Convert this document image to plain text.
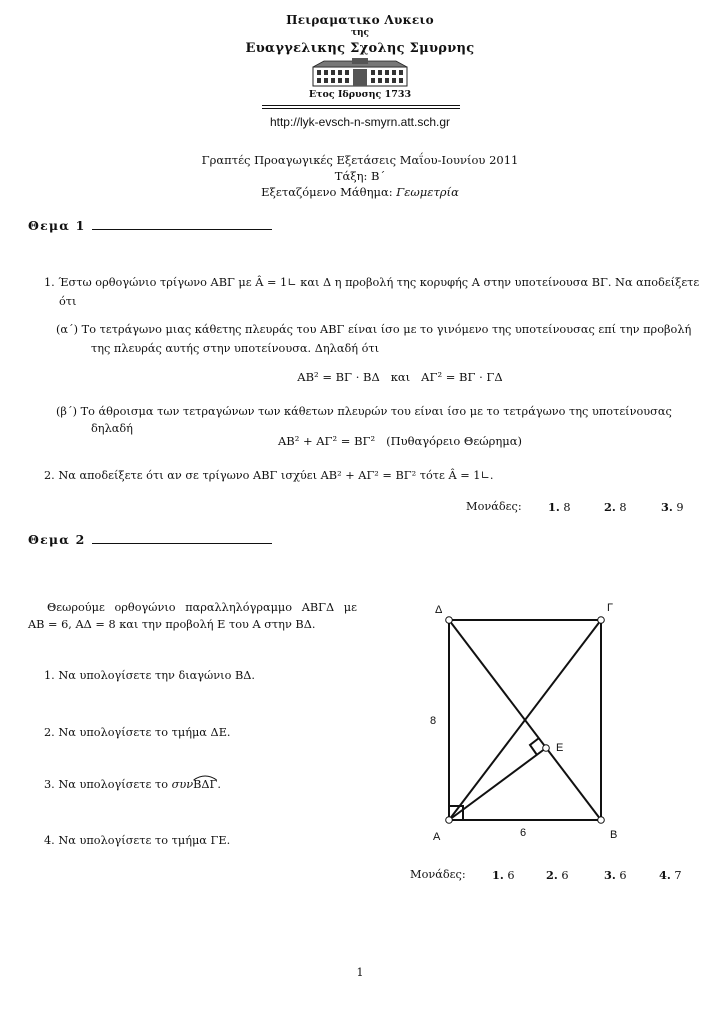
Πειραματικο Λυκειο
της
Ευαγγελικης Σχολης Σμυρνης
Ετος Ιδρυσης 1733
http://lyk-evsch-n-smyrn.att.sch.gr
Γραπτές Προαγωγικές Εξετάσεις Μαΐου-Ιουνίου 2011
Τάξη: Β΄
Εξεταζόμενο Μάθημα: Γεωμετρία
Θεμα 1
1. Έστω ορθογώνιο τρίγωνο ΑΒΓ με Â = 1∟ και Δ η προβολή της κορυφής Α στην υποτείνουσα ΒΓ. Να αποδείξετε
ότι
(α΄) Το τετράγωνο μιας κάθετης πλευράς του ΑΒΓ είναι ίσο με το γινόμενο της υποτείνουσας επί την προβολή
της πλευράς αυτής στην υποτείνουσα. Δηλαδή ότι
ΑΒ² = ΒΓ · ΒΔ   και   ΑΓ² = ΒΓ · ΓΔ
(β΄) Το άθροισμα των τετραγώνων των κάθετων πλευρών του είναι ίσο με το τετράγωνο της υποτείνουσας
δηλαδή
ΑΒ² + ΑΓ² = ΒΓ²   (Πυθαγόρειο Θεώρημα)
2. Να αποδείξετε ότι αν σε τρίγωνο ΑΒΓ ισχύει ΑΒ² + ΑΓ² = ΒΓ² τότε Â = 1∟.
Μονάδες: 1. 8	2. 8	3. 9
Θεμα 2
Θεωρούμε ορθογώνιο παραλληλόγραμμο ΑΒΓΔ με
ΑΒ = 6, ΑΔ = 8 και την προβολή Ε του Α στην ΒΔ.
1. Να υπολογίσετε την διαγώνιο ΒΔ.
2. Να υπολογίσετε το τμήμα ΔΕ.
3. Να υπολογίσετε το συν
ΒΔΓ.
4. Να υπολογίσετε το τμήμα ΓΕ.	Α	Β
Γ
Δ
Ε
6
8
Μονάδες: 1. 6	2. 6	3. 6	4. 7
1
